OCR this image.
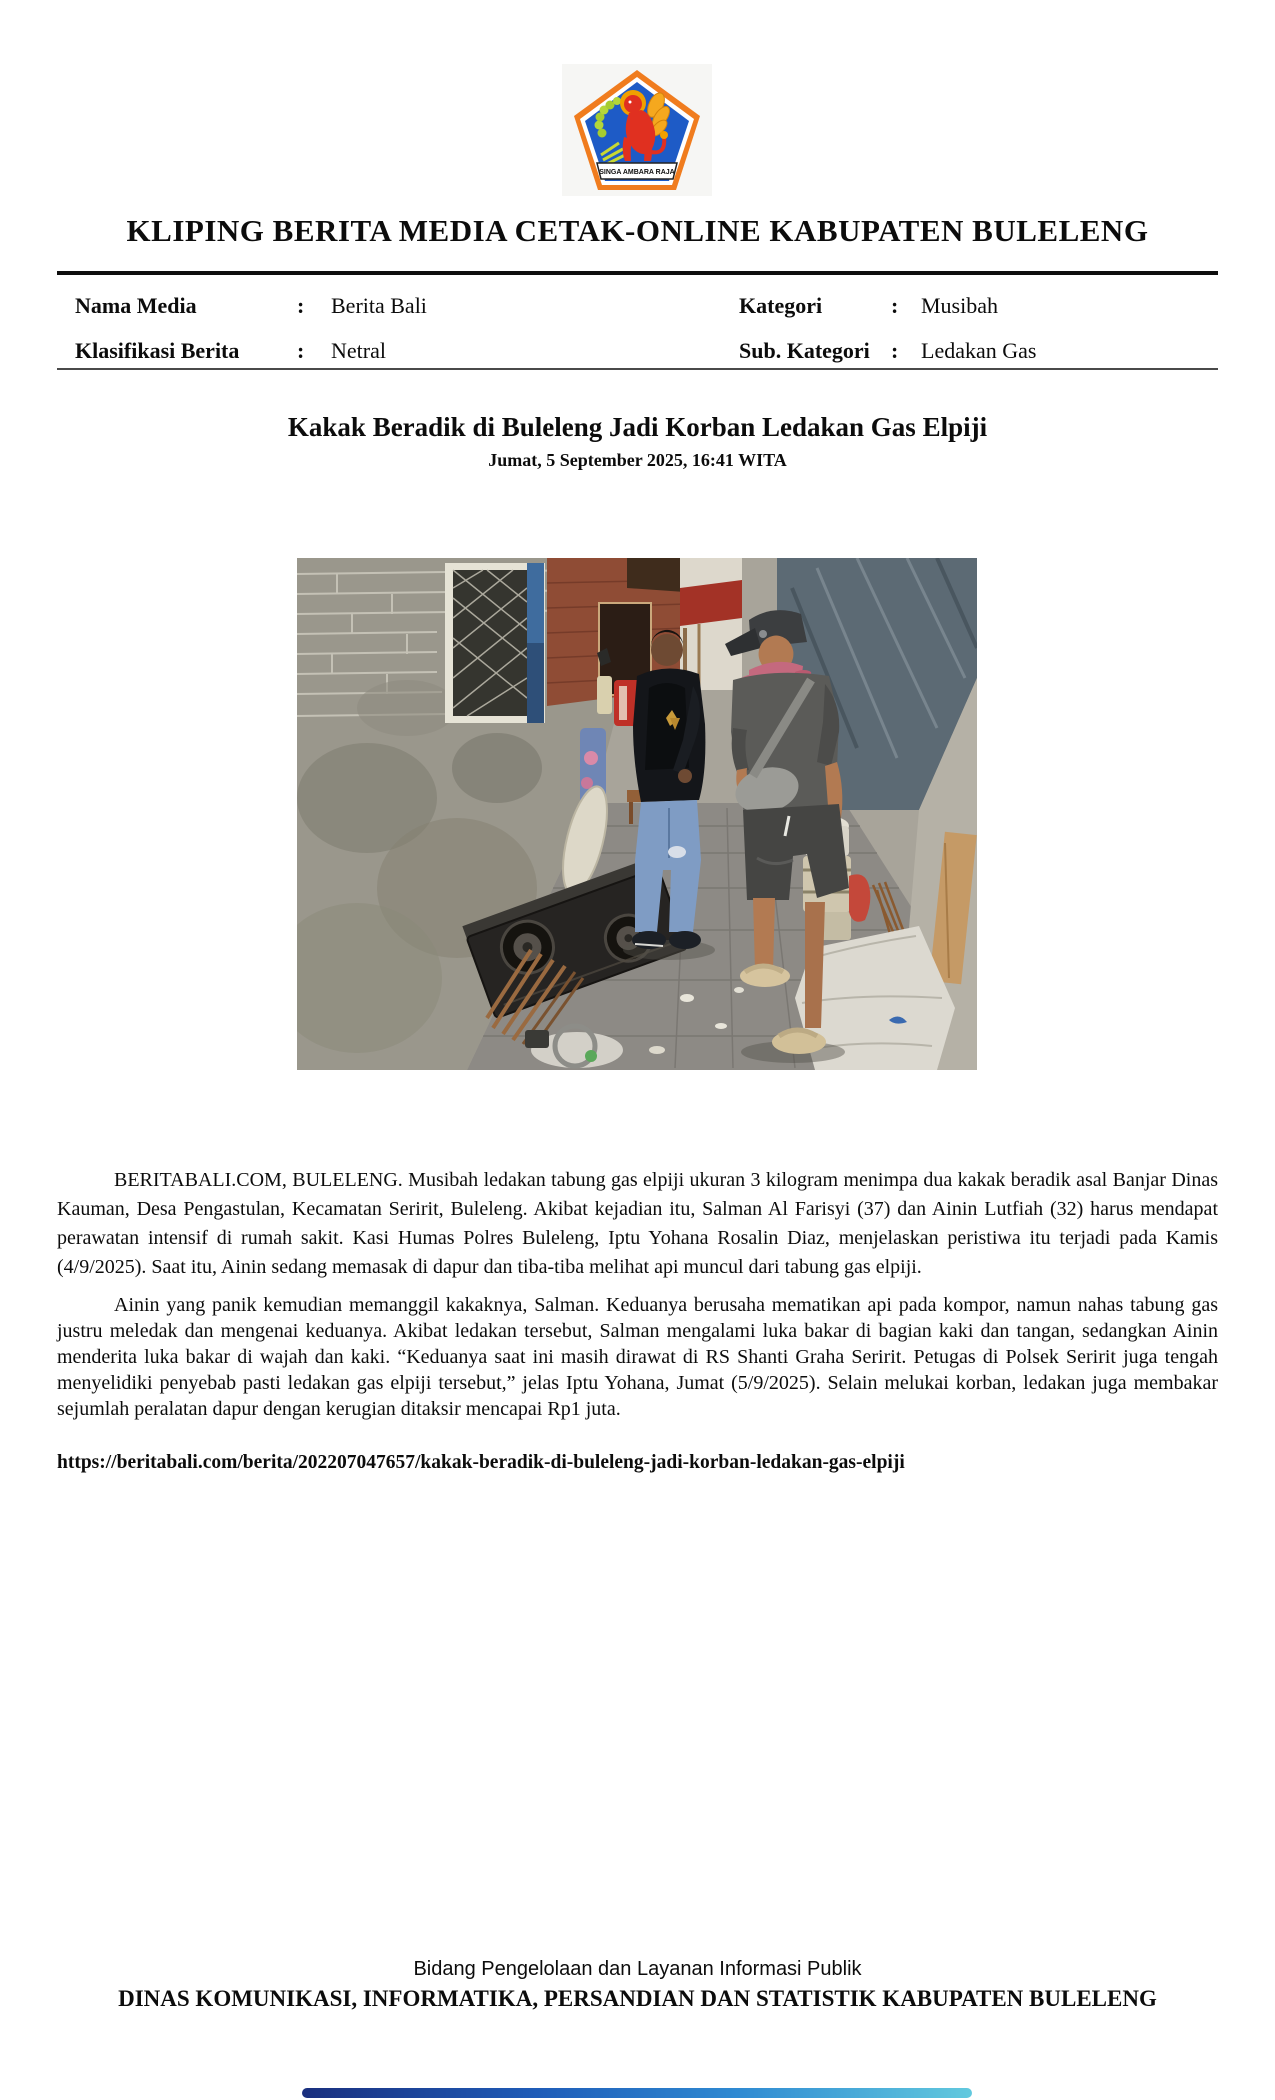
SINGA AMBARA RAJA
KLIPING BERITA MEDIA CETAK-ONLINE KABUPATEN BULELENG
Nama Media	:	Berita Bali	Kategori	:	Musibah
Klasifikasi Berita	:	Netral	Sub. Kategori :	Ledakan Gas
Kakak Beradik di Buleleng Jadi Korban Ledakan Gas Elpiji
Jumat, 5 September 2025, 16:41 WITA

BERITABALI.COM, BULELENG. Musibah ledakan tabung gas elpiji ukuran 3 kilogram menimpa dua kakak beradik asal Banjar Dinas Kauman, Desa Pengastulan, Kecamatan Seririt, Buleleng. Akibat kejadian itu, Salman Al Farisyi (37) dan Ainin Lutfiah (32) harus mendapat perawatan intensif di rumah sakit. Kasi Humas Polres Buleleng, Iptu Yohana Rosalin Diaz, menjelaskan peristiwa itu terjadi pada Kamis (4/9/2025). Saat itu, Ainin sedang memasak di dapur dan tiba-tiba melihat api muncul dari tabung gas elpiji.

Ainin yang panik kemudian memanggil kakaknya, Salman. Keduanya berusaha mematikan api pada kompor, namun nahas tabung gas justru meledak dan mengenai keduanya. Akibat ledakan tersebut, Salman mengalami luka bakar di bagian kaki dan tangan, sedangkan Ainin menderita luka bakar di wajah dan kaki. “Keduanya saat ini masih dirawat di RS Shanti Graha Seririt. Petugas di Polsek Seririt juga tengah menyelidiki penyebab pasti ledakan gas elpiji tersebut,” jelas Iptu Yohana, Jumat (5/9/2025). Selain melukai korban, ledakan juga membakar sejumlah peralatan dapur dengan kerugian ditaksir mencapai Rp1 juta.

https://beritabali.com/berita/202207047657/kakak-beradik-di-buleleng-jadi-korban-ledakan-gas-elpiji
Bidang Pengelolaan dan Layanan Informasi Publik
DINAS KOMUNIKASI, INFORMATIKA, PERSANDIAN DAN STATISTIK KABUPATEN BULELENG
